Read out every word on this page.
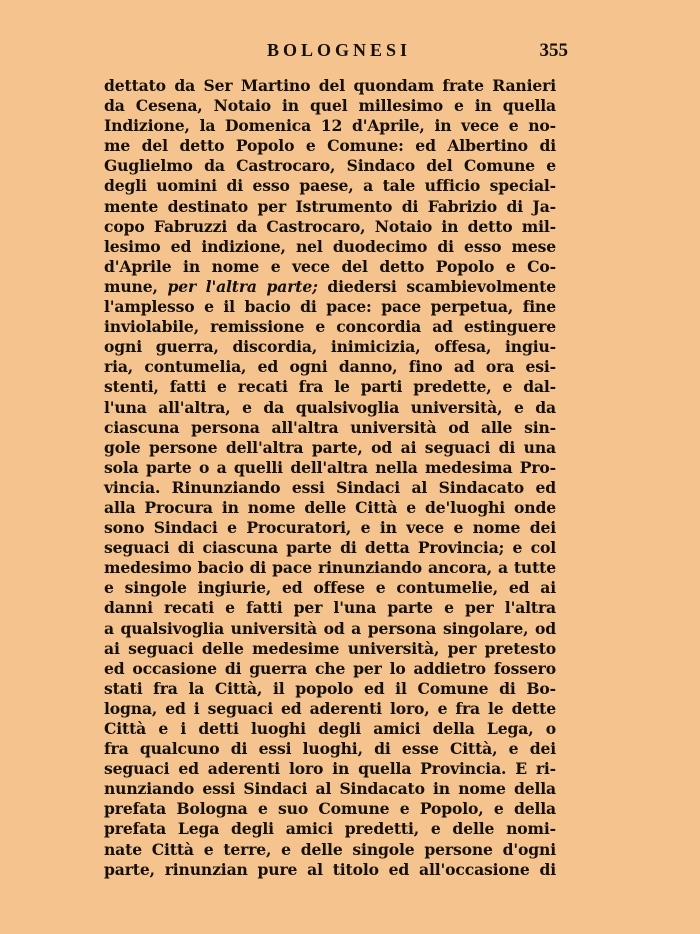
BOLOGNESI	355
dettato da Ser Martino del quondam frate Ranieri
da Cesena, Notaio in quel millesimo e in quella
Indizione, la Domenica 12 d'Aprile, in vece e no-
me del detto Popolo e Comune: ed Albertino di
Guglielmo da Castrocaro, Sindaco del Comune e
degli uomini di esso paese, a tale ufficio special-
mente destinato per Istrumento di Fabrizio di Ja-
copo Fabruzzi da Castrocaro, Notaio in detto mil-
lesimo ed indizione, nel duodecimo di esso mese
d'Aprile in nome e vece del detto Popolo e Co-
mune, per l'altra parte; diedersi scambievolmente
l'amplesso e il bacio di pace: pace perpetua, fine
inviolabile, remissione e concordia ad estinguere
ogni guerra, discordia, inimicizia, offesa, ingiu-
ria, contumelia, ed ogni danno, fino ad ora esi-
stenti, fatti e recati fra le parti predette, e dal-
l'una all'altra, e da qualsivoglia università, e da
ciascuna persona all'altra università od alle sin-
gole persone dell'altra parte, od ai seguaci di una
sola parte o a quelli dell'altra nella medesima Pro-
vincia. Rinunziando essi Sindaci al Sindacato ed
alla Procura in nome delle Città e de'luoghi onde
sono Sindaci e Procuratori, e in vece e nome dei
seguaci di ciascuna parte di detta Provincia; e col
medesimo bacio di pace rinunziando ancora, a tutte
e singole ingiurie, ed offese e contumelie, ed ai
danni recati e fatti per l'una parte e per l'altra
a qualsivoglia università od a persona singolare, od
ai seguaci delle medesime università, per pretesto
ed occasione di guerra che per lo addietro fossero
stati fra la Città, il popolo ed il Comune di Bo-
logna, ed i seguaci ed aderenti loro, e fra le dette
Città e i detti luoghi degli amici della Lega, o
fra qualcuno di essi luoghi, di esse Città, e dei
seguaci ed aderenti loro in quella Provincia. E ri-
nunziando essi Sindaci al Sindacato in nome della
prefata Bologna e suo Comune e Popolo, e della
prefata Lega degli amici predetti, e delle nomi-
nate Città e terre, e delle singole persone d'ogni
parte, rinunzian pure al titolo ed all'occasione di
